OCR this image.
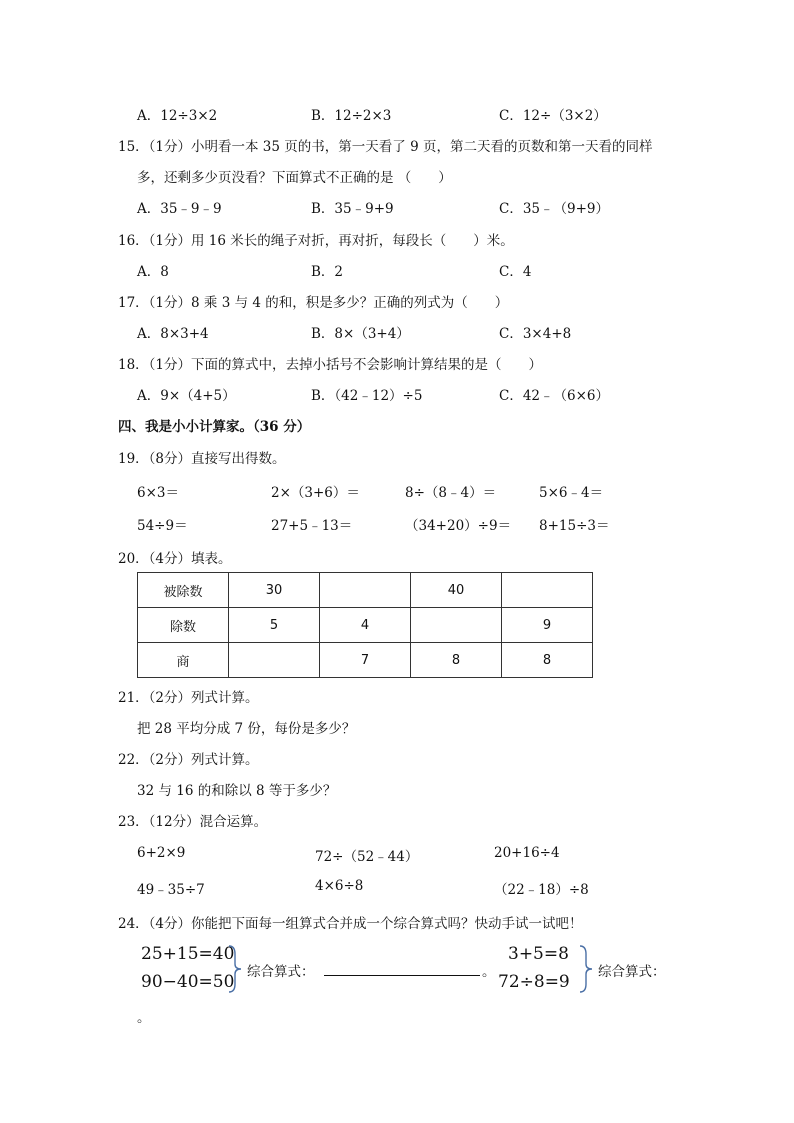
A．12÷3×2	B．12÷2×3	C．12÷（3×2）
15．（1分）小明看一本 35 页的书，第一天看了 9 页，第二天看的页数和第一天看的同样
多，还剩多少页没看？下面算式不正确的是 （　　）
A．35﹣9﹣9	B．35﹣9+9	C．35﹣（9+9）
16．（1分）用 16 米长的绳子对折，再对折，每段长（　　）米。
A．8	B．2	C．4
17．（1分）8 乘 3 与 4 的和，积是多少？正确的列式为（　　）
A．8×3+4	B．8×（3+4）	C．3×4+8
18．（1分）下面的算式中，去掉小括号不会影响计算结果的是（　　）
A．9×（4+5）	B．（42﹣12）÷5	C．42﹣（6×6）
四、我是小小计算家。（36 分）
19．（8分）直接写出得数。
6×3＝	2×（3+6）＝	8÷（8﹣4）＝	5×6﹣4＝
54÷9＝	27+5﹣13＝	（34+20）÷9＝ 8+15÷3＝
20．（4分）填表。
被除数	30		40	
除数	5	4		9
商		7	8	8
21．（2分）列式计算。
把 28 平均分成 7 份，每份是多少？
22．（2分）列式计算。
32 与 16 的和除以 8 等于多少？
23．（12分）混合运算。
6+2×9	72÷（52﹣44）	20+16÷4
49﹣35÷7	4×6÷8	（22﹣18）÷8
24．（4分）你能把下面每一组算式合并成一个综合算式吗？快动手试一试吧！
25+15=40
90−40=50 综合算式：	。
3+5=8
72÷8=9 综合算式：
。
